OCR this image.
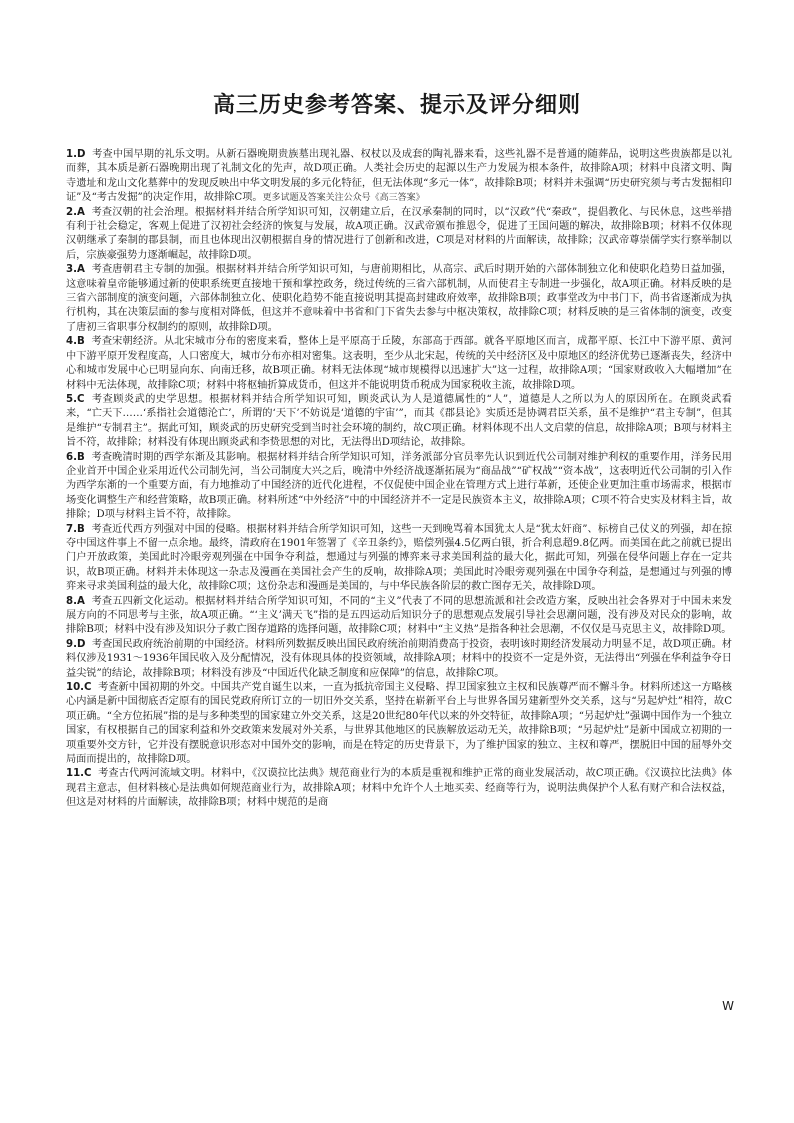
高三历史参考答案、提示及评分细则

1.D 考查中国早期的礼乐文明。从新石器晚期贵族墓出现礼器、权杖以及成套的陶礼器来看，这些礼器不是普通的随葬品，说明这些贵族都是以礼而葬，其本质是新石器晚期出现了礼制文化的先声，故D项正确。人类社会历史的起源以生产力发展为根本条件，故排除A项；材料中良渚文明、陶寺遗址和龙山文化墓葬中的发现反映出中华文明发展的多元化特征，但无法体现“多元一体”，故排除B项；材料并未强调“历史研究须与考古发掘相印证”及“考古发掘”的决定作用，故排除C项。更多试题及答案关注公众号《高三答案》

2.A 考查汉朝的社会治理。根据材料并结合所学知识可知，汉朝建立后，在汉承秦制的同时，以“汉政”代“秦政”，提倡教化、与民休息，这些举措有利于社会稳定，客观上促进了汉初社会经济的恢复与发展，故A项正确。汉武帝颁布推恩令，促进了王国问题的解决，故排除B项；材料不仅体现汉朝继承了秦制的郡县制，而且也体现出汉朝根据自身的情况进行了创新和改进，C项是对材料的片面解读，故排除；汉武帝尊崇儒学实行察举制以后，宗族豪强势力逐渐崛起，故排除D项。

3.A 考查唐朝君主专制的加强。根据材料并结合所学知识可知，与唐前期相比，从高宗、武后时期开始的六部体制独立化和使职化趋势日益加强，这意味着皇帝能够通过新的使职系统更直接地干预和掌控政务，绕过传统的三省六部机制，从而使君主专制进一步强化，故A项正确。材料反映的是三省六部制度的演变问题，六部体制独立化、使职化趋势不能直接说明其提高封建政府效率，故排除B项；政事堂改为中书门下，尚书省逐渐成为执行机构，其在决策层面的参与度相对降低，但这并不意味着中书省和门下省失去参与中枢决策权，故排除C项；材料反映的是三省体制的演变，改变了唐初三省职事分权制约的原则，故排除D项。

4.B 考查宋朝经济。从北宋城市分布的密度来看，整体上是平原高于丘陵，东部高于西部。就各平原地区而言，成都平原、长江中下游平原、黄河中下游平原开发程度高，人口密度大，城市分布亦相对密集。这表明，至少从北宋起，传统的关中经济区及中原地区的经济优势已逐渐丧失，经济中心和城市发展中心已明显向东、向南迁移，故B项正确。材料无法体现“城市规模得以迅速扩大”这一过程，故排除A项；“国家财政收入大幅增加”在材料中无法体现，故排除C项；材料中将枢轴折算成货币，但这并不能说明货币税成为国家税收主流，故排除D项。

5.C 考查顾炎武的史学思想。根据材料并结合所学知识可知，顾炎武认为人是道德属性的“人”，道德是人之所以为人的原因所在。在顾炎武看来，“亡天下……‘系指社会道德沦亡’，所谓的‘天下’不妨说是‘道德的宇宙’”，而其《郡县论》实质还是协调君臣关系，虽不是维护“君主专制”，但其是维护“专制君主”。据此可知，顾炎武的历史研究受到当时社会环境的制约，故C项正确。材料体现不出人文启蒙的信息，故排除A项；B项与材料主旨不符，故排除；材料没有体现出顾炎武和李贽思想的对比，无法得出D项结论，故排除。

6.B 考查晚清时期的西学东渐及其影响。根据材料并结合所学知识可知，洋务派部分官员率先认识到近代公司制对维护利权的重要作用，洋务民用企业首开中国企业采用近代公司制先河，当公司制度大兴之后，晚清中外经济战逐渐拓展为“商品战”“矿权战”“资本战”，这表明近代公司制的引入作为西学东渐的一个重要方面，有力地推动了中国经济的近代化进程，不仅促使中国企业在管理方式上进行革新，还使企业更加注重市场需求，根据市场变化调整生产和经营策略，故B项正确。材料所述“中外经济”中的中国经济并不一定是民族资本主义，故排除A项；C项不符合史实及材料主旨，故排除；D项与材料主旨不符，故排除。

7.B 考查近代西方列强对中国的侵略。根据材料并结合所学知识可知，这些一天到晚骂着本国犹太人是“犹太奸商”、标榜自己仗义的列强，却在掠夺中国这件事上不留一点余地。最终，清政府在1901年签署了《辛丑条约》，赔偿列强4.5亿两白银，折合利息超9.8亿两。而美国在此之前就已提出门户开放政策，美国此时冷眼旁观列强在中国争夺利益，想通过与列强的博弈来寻求美国利益的最大化，据此可知，列强在侵华问题上存在一定共识，故B项正确。材料并未体现这一杂志及漫画在美国社会产生的反响，故排除A项；美国此时冷眼旁观列强在中国争夺利益，是想通过与列强的博弈来寻求美国利益的最大化，故排除C项；这份杂志和漫画是美国的，与中华民族各阶层的救亡图存无关，故排除D项。

8.A 考查五四新文化运动。根据材料并结合所学知识可知，不同的“主义”代表了不同的思想流派和社会改造方案，反映出社会各界对于中国未来发展方向的不同思考与主张，故A项正确。“‘主义’满天飞”指的是五四运动后知识分子的思想观点发展引导社会思潮问题，没有涉及对民众的影响，故排除B项；材料中没有涉及知识分子救亡图存道路的选择问题，故排除C项；材料中“主义热”是指各种社会思潮，不仅仅是马克思主义，故排除D项。

9.D 考查国民政府统治前期的中国经济。材料所列数据反映出国民政府统治前期消费高于投资，表明该时期经济发展动力明显不足，故D项正确。材料仅涉及1931～1936年国民收入及分配情况，没有体现具体的投资领域，故排除A项；材料中的投资不一定是外资，无法得出“列强在华利益争夺日益尖锐”的结论，故排除B项；材料没有涉及“中国近代化缺乏制度和应保障”的信息，故排除C项。

10.C 考查新中国初期的外交。中国共产党自诞生以来，一直为抵抗帝国主义侵略、捍卫国家独立主权和民族尊严而不懈斗争。材料所述这一方略核心内涵是新中国彻底否定原有的国民党政府所订立的一切旧外交关系，坚持在崭新平台上与世界各国另建新型外交关系，这与“另起炉灶”相符，故C项正确。“全方位拓展”指的是与多种类型的国家建立外交关系，这是20世纪80年代以来的外交特征，故排除A项；“另起炉灶”强调中国作为一个独立国家，有权根据自己的国家利益和外交政策来发展对外关系，与世界其他地区的民族解放运动无关，故排除B项；“另起炉灶”是新中国成立初期的一项重要外交方针，它并没有摆脱意识形态对中国外交的影响，而是在特定的历史背景下，为了维护国家的独立、主权和尊严，摆脱旧中国的屈辱外交局面而提出的，故排除D项。

11.C 考查古代两河流域文明。材料中，《汉谟拉比法典》规范商业行为的本质是重视和维护正常的商业发展活动，故C项正确。《汉谟拉比法典》体现君主意志，但材料核心是法典如何规范商业行为，故排除A项；材料中允许个人土地买卖、经商等行为，说明法典保护个人私有财产和合法权益，但这是对材料的片面解读，故排除B项；材料中规范的是商

W
